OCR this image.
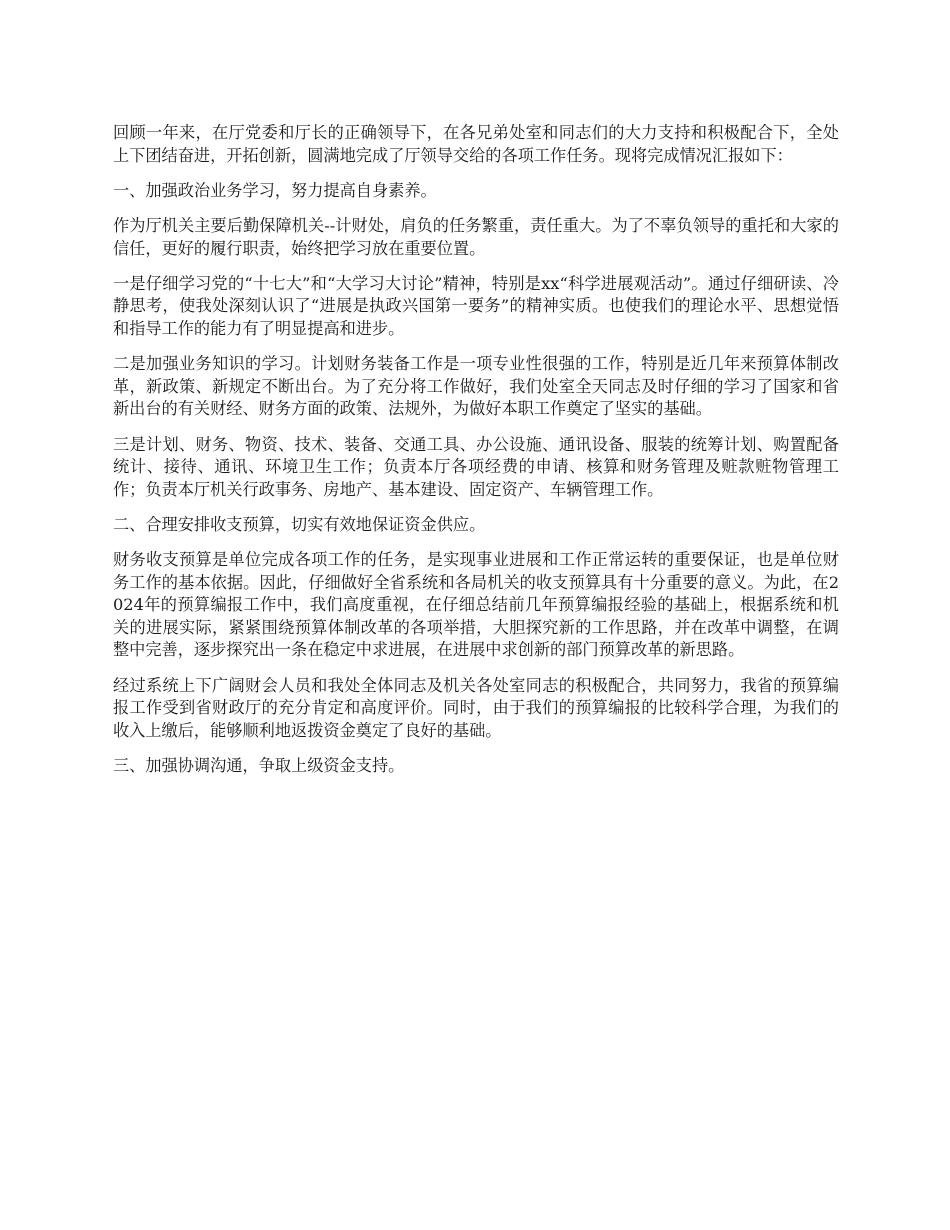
回顾一年来，在厅党委和厅长的正确领导下，在各兄弟处室和同志们的大力支持和积极配合下，全处上下团结奋进，开拓创新，圆满地完成了厅领导交给的各项工作任务。现将完成情况汇报如下：

一、加强政治业务学习，努力提高自身素养。

作为厅机关主要后勤保障机关--计财处，肩负的任务繁重，责任重大。为了不辜负领导的重托和大家的信任，更好的履行职责，始终把学习放在重要位置。

一是仔细学习党的“十七大”和“大学习大讨论”精神，特别是xx“科学进展观活动”。通过仔细研读、冷静思考，使我处深刻认识了“进展是执政兴国第一要务”的精神实质。也使我们的理论水平、思想觉悟和指导工作的能力有了明显提高和进步。

二是加强业务知识的学习。计划财务装备工作是一项专业性很强的工作，特别是近几年来预算体制改革，新政策、新规定不断出台。为了充分将工作做好，我们处室全天同志及时仔细的学习了国家和省新出台的有关财经、财务方面的政策、法规外，为做好本职工作奠定了坚实的基础。

三是计划、财务、物资、技术、装备、交通工具、办公设施、通讯设备、服装的统筹计划、购置配备统计、接待、通讯、环境卫生工作；负责本厅各项经费的申请、核算和财务管理及赃款赃物管理工作；负责本厅机关行政事务、房地产、基本建设、固定资产、车辆管理工作。

二、合理安排收支预算，切实有效地保证资金供应。

财务收支预算是单位完成各项工作的任务，是实现事业进展和工作正常运转的重要保证，也是单位财务工作的基本依据。因此，仔细做好全省系统和各局机关的收支预算具有十分重要的意义。为此，在2024年的预算编报工作中，我们高度重视，在仔细总结前几年预算编报经验的基础上，根据系统和机关的进展实际，紧紧围绕预算体制改革的各项举措，大胆探究新的工作思路，并在改革中调整，在调整中完善，逐步探究出一条在稳定中求进展，在进展中求创新的部门预算改革的新思路。

经过系统上下广阔财会人员和我处全体同志及机关各处室同志的积极配合，共同努力，我省的预算编报工作受到省财政厅的充分肯定和高度评价。同时，由于我们的预算编报的比较科学合理，为我们的收入上缴后，能够顺利地返拨资金奠定了良好的基础。

三、加强协调沟通，争取上级资金支持。
